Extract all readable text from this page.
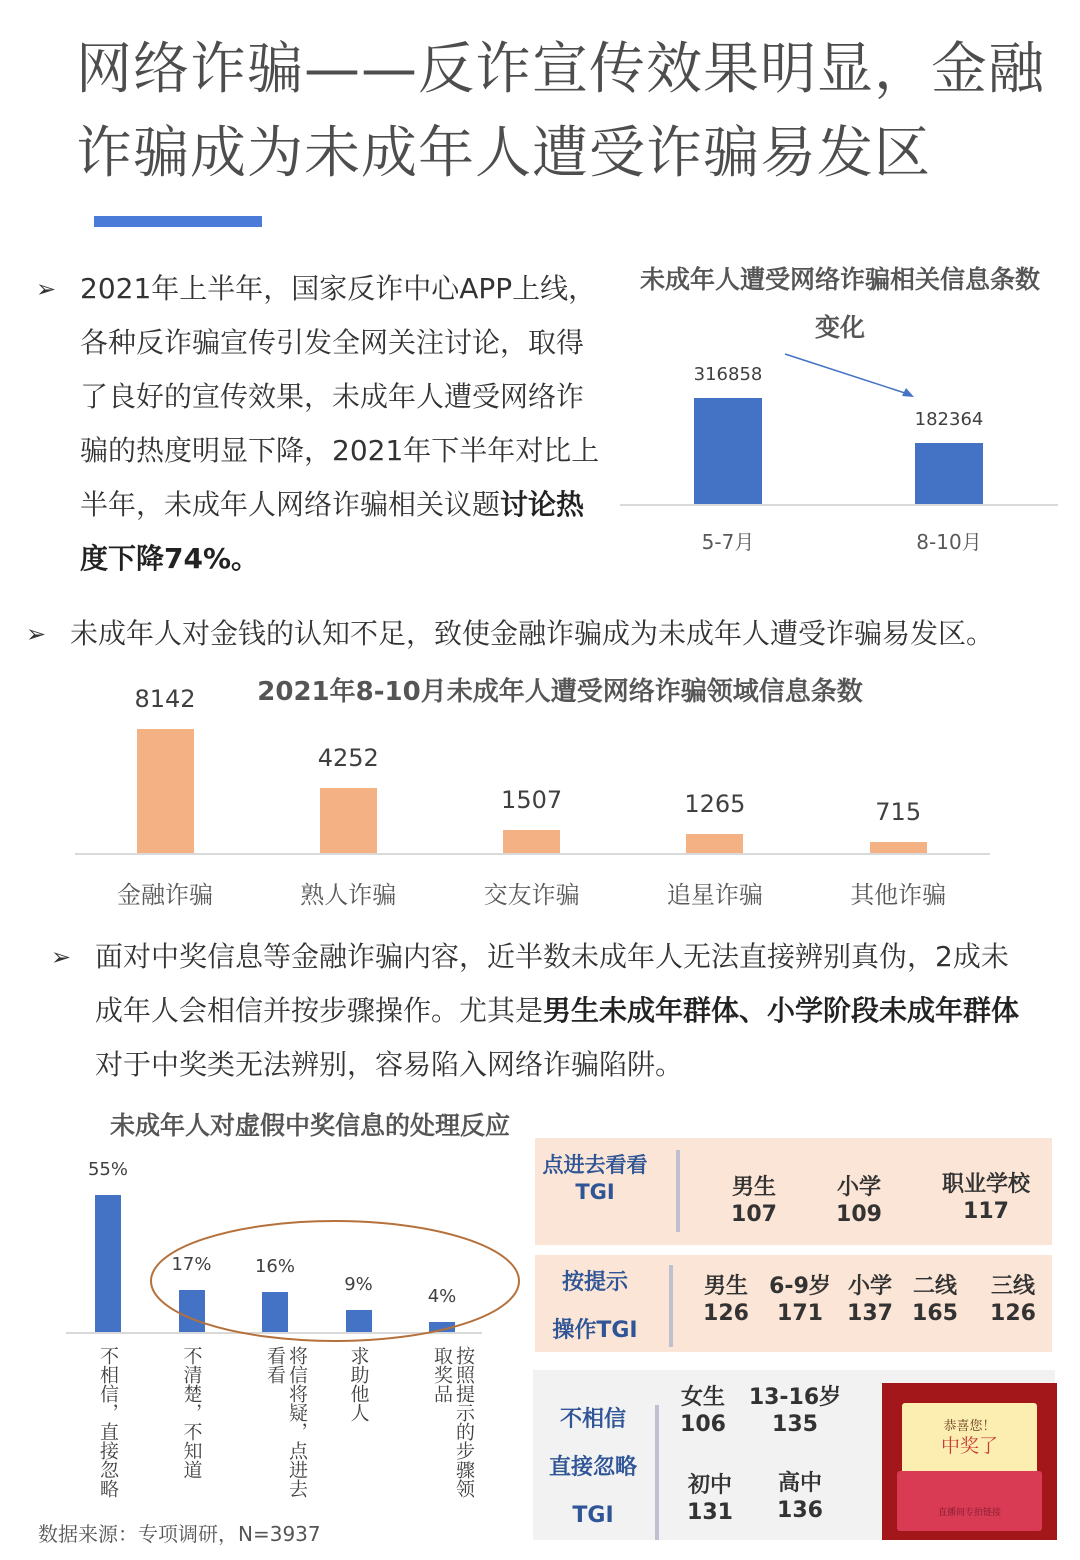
网络诈骗——反诈宣传效果明显，金融诈骗成为未成年人遭受诈骗易发区
➢ 2021年上半年，国家反诈中心APP上线，各种反诈骗宣传引发全网关注讨论，取得了良好的宣传效果，未成年人遭受网络诈骗的热度明显下降，2021年下半年对比上半年，未成年人网络诈骗相关议题讨论热度下降74%。
未成年人遭受网络诈骗相关信息条数变化
316858
5-7月
182364
8-10月
➢ 未成年人对金钱的认知不足，致使金融诈骗成为未成年人遭受诈骗易发区。
2021年8-10月未成年人遭受网络诈骗领域信息条数
8142
金融诈骗
4252
熟人诈骗
1507
交友诈骗
1265
追星诈骗
715
其他诈骗
➢ 面对中奖信息等金融诈骗内容，近半数未成年人无法直接辨别真伪，2成未成年人会相信并按步骤操作。尤其是男生未成年群体、小学阶段未成年群体对于中奖类无法辨别，容易陷入网络诈骗陷阱。
未成年人对虚假中奖信息的处理反应
55%
不相信，直接忽略
17%
不清楚，不知道
16%
将信将疑，点进去看看
9%
求助他人
4%
按照提示的步骤领取奖品
数据来源：专项调研，N=3937
点进去看看
TGI	男生
107
小学
109
职业学校
117
按提示
操作TGI
男生
126
6-9岁
171
小学
137
二线
165
三线
126
不相信
直接忽略
TGI
女生
106
13-16岁
135
初中
131
高中
136
恭喜您！
中奖了
直播间专拍链接
